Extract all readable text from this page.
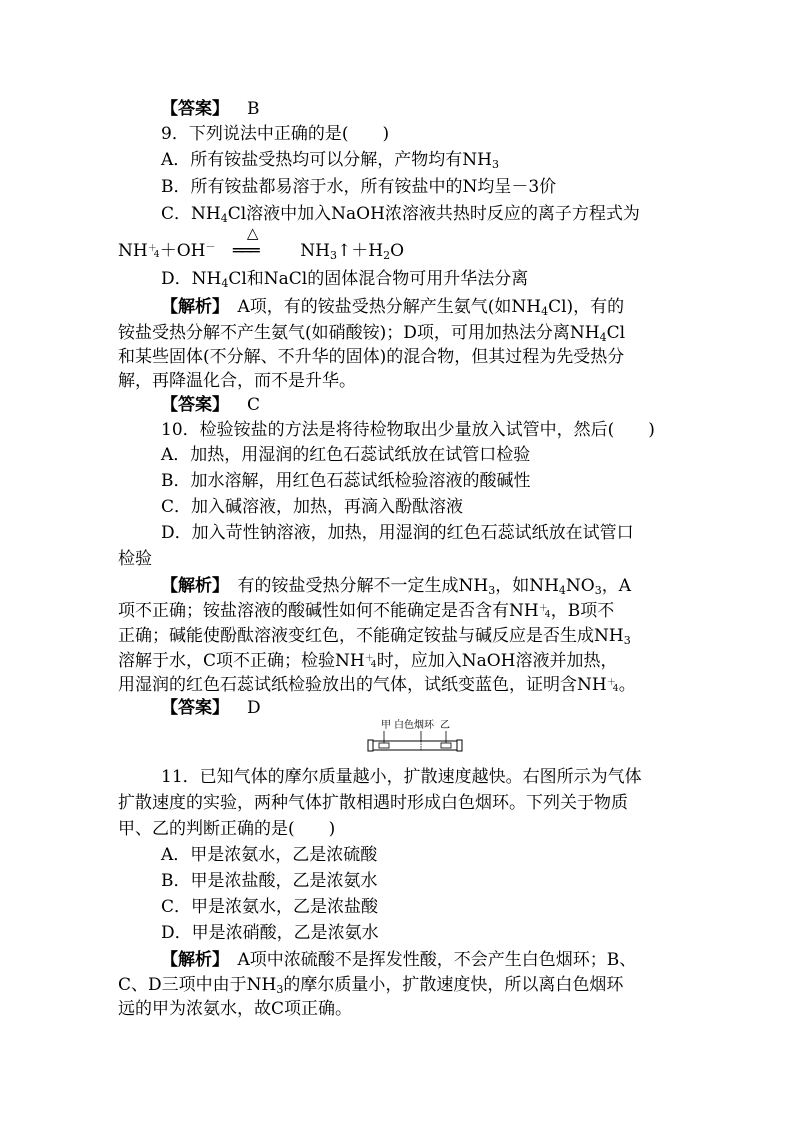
【答案】 B
9．下列说法中正确的是(　　)
A．所有铵盐受热均可以分解，产物均有$NH_3$
B．所有铵盐都易溶于水，所有铵盐中的N均呈－3价
C．$NH_4Cl$溶液中加入NaOH浓溶液共热时反应的离子方程式为
NH ＋
4 ＋OH－
△
═══	$NH_3↑+H_2O$
D．$NH_4Cl$和NaCl的固体混合物可用升华法分离
【解析】　A项，有的铵盐受热分解产生氨气(如$NH_4Cl$)，有的
铵盐受热分解不产生氨气(如硝酸铵)；D项，可用加热法分离$NH_4Cl$
和某些固体(不分解、不升华的固体)的混合物，但其过程为先受热分
解，再降温化合，而不是升华。
【答案】 C
10．检验铵盐的方法是将待检物取出少量放入试管中，然后(　　)
A．加热，用湿润的红色石蕊试纸放在试管口检验
B．加水溶解，用红色石蕊试纸检验溶液的酸碱性
C．加入碱溶液，加热，再滴入酚酞溶液
D．加入苛性钠溶液，加热，用湿润的红色石蕊试纸放在试管口
检验
【解析】　有的铵盐受热分解不一定生成$NH_3$，如$NH_4NO_3$，A
项不正确；铵盐溶液的酸碱性如何不能确定是否含有NH ＋
4 ，B项不
正确；碱能使酚酞溶液变红色，不能确定铵盐与碱反应是否生成$NH_3$
溶解于水，C项不正确；检验NH ＋
4 时，应加入NaOH溶液并加热，
用湿润的红色石蕊试纸检验放出的气体，试纸变蓝色，证明含NH ＋
4 。
【答案】 D
甲 白色烟环 乙
11．已知气体的摩尔质量越小，扩散速度越快。右图所示为气体
扩散速度的实验，两种气体扩散相遇时形成白色烟环。下列关于物质
甲、乙的判断正确的是(　　)
A．甲是浓氨水，乙是浓硫酸
B．甲是浓盐酸，乙是浓氨水
C．甲是浓氨水，乙是浓盐酸
D．甲是浓硝酸，乙是浓氨水
【解析】　A项中浓硫酸不是挥发性酸，不会产生白色烟环；B、
C、D三项中由于$NH_3$的摩尔质量小，扩散速度快，所以离白色烟环
远的甲为浓氨水，故C项正确。
